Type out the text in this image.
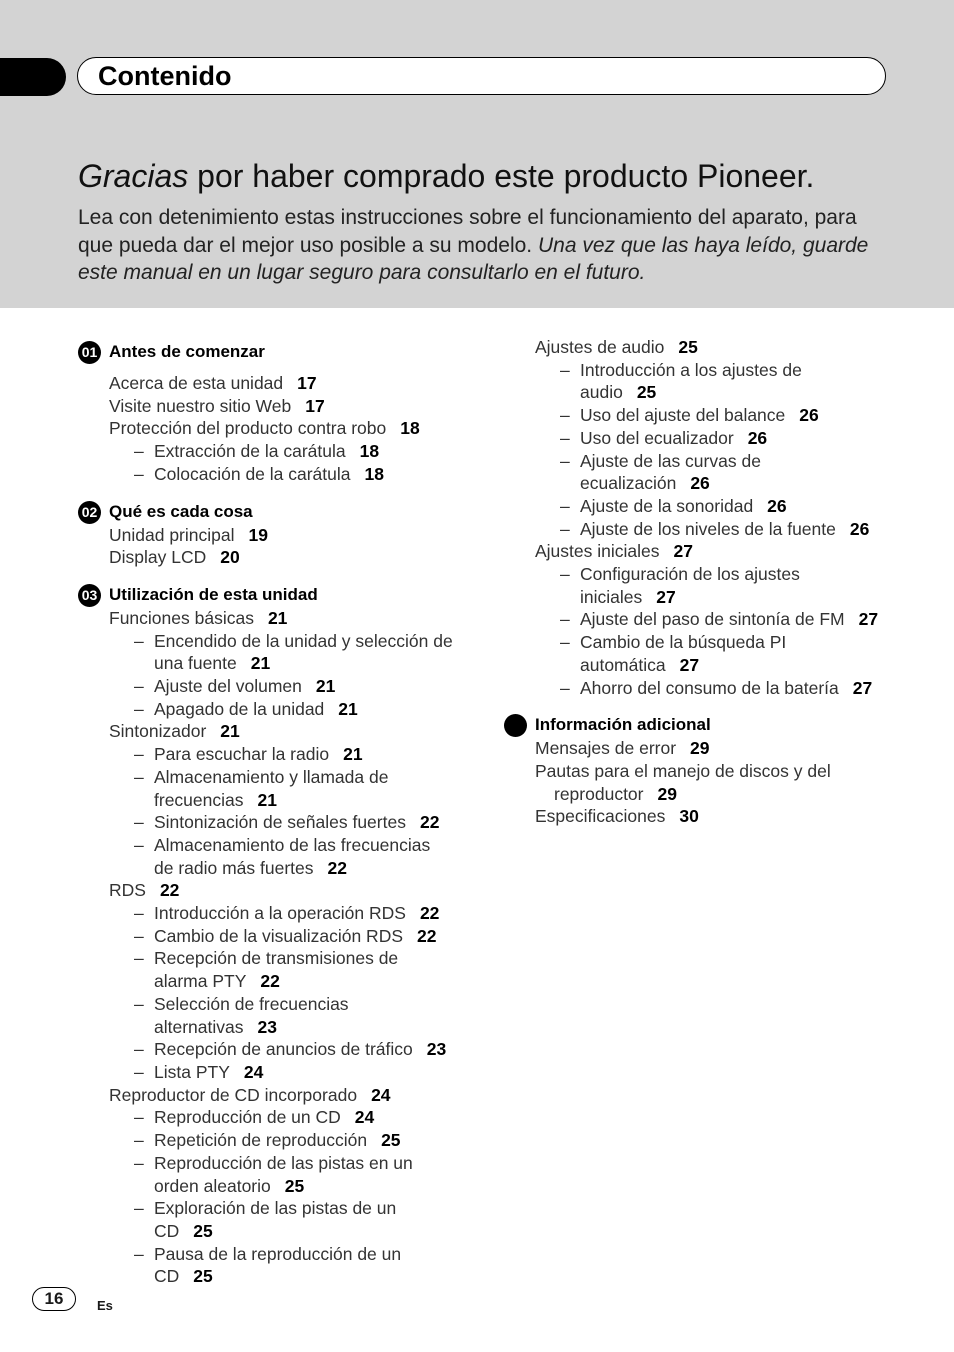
Contenido
Gracias por haber comprado este producto Pioneer.
Lea con detenimiento estas instrucciones sobre el funcionamiento del aparato, para que pueda dar el mejor uso posible a su modelo. Una vez que las haya leído, guarde este manual en un lugar seguro para consultarlo en el futuro.
01 Antes de comenzar
Acerca de esta unidad 17
Visite nuestro sitio Web 17
Protección del producto contra robo 18
– Extracción de la carátula 18
– Colocación de la carátula 18
02 Qué es cada cosa
Unidad principal 19
Display LCD 20
03 Utilización de esta unidad
Funciones básicas 21
– Encendido de la unidad y selección de
una fuente 21
– Ajuste del volumen 21
– Apagado de la unidad 21
Sintonizador 21
– Para escuchar la radio 21
– Almacenamiento y llamada de
frecuencias 21
– Sintonización de señales fuertes 22
– Almacenamiento de las frecuencias
de radio más fuertes 22
RDS 22
– Introducción a la operación RDS 22
– Cambio de la visualización RDS 22
– Recepción de transmisiones de
alarma PTY 22
– Selección de frecuencias
alternativas 23
– Recepción de anuncios de tráfico 23
– Lista PTY 24
Reproductor de CD incorporado 24
– Reproducción de un CD 24
– Repetición de reproducción 25
– Reproducción de las pistas en un
orden aleatorio 25
– Exploración de las pistas de un
CD 25
– Pausa de la reproducción de un
CD 25
Ajustes de audio 25
– Introducción a los ajustes de
audio 25
– Uso del ajuste del balance 26
– Uso del ecualizador 26
– Ajuste de las curvas de
ecualización 26
– Ajuste de la sonoridad 26
– Ajuste de los niveles de la fuente 26
Ajustes iniciales 27
– Configuración de los ajustes
iniciales 27
– Ajuste del paso de sintonía de FM 27
– Cambio de la búsqueda PI
automática 27
– Ahorro del consumo de la batería 27
Información adicional
Mensajes de error 29
Pautas para el manejo de discos y del
reproductor 29
Especificaciones 30
16	Es
